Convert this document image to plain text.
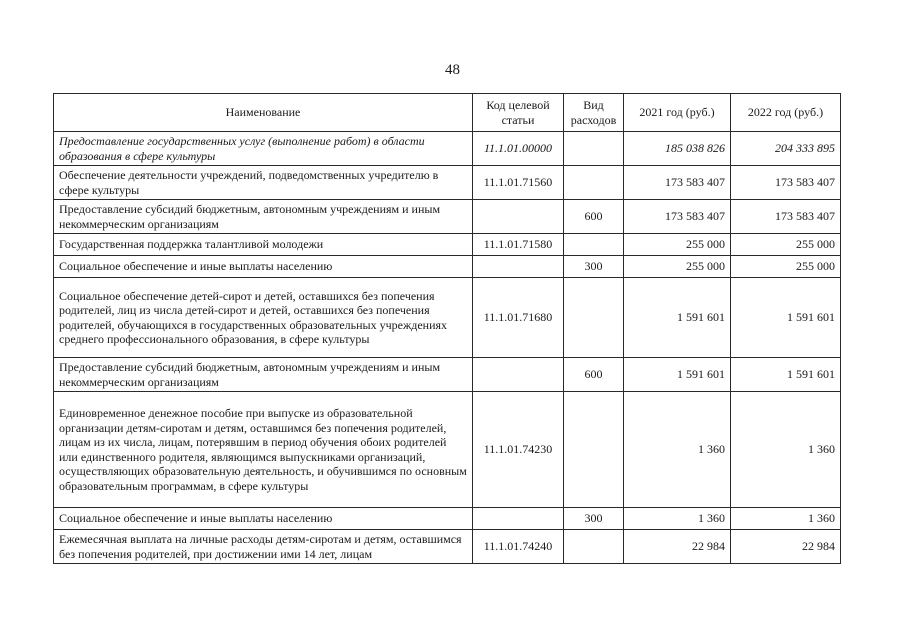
48
Наименование	Код целевой статьи	Вид расходов	2021 год (руб.)	2022 год (руб.)
Предоставление государственных услуг (выполнение работ) в области образования в сфере культуры	11.1.01.00000		185 038 826	204 333 895
Обеспечение деятельности учреждений, подведомственных учредителю в сфере культуры	11.1.01.71560		173 583 407	173 583 407
Предоставление субсидий бюджетным, автономным учреждениям и иным некоммерческим организациям		600	173 583 407	173 583 407
Государственная поддержка талантливой молодежи	11.1.01.71580		255 000	255 000
Социальное обеспечение и иные выплаты населению		300	255 000	255 000
Социальное обеспечение детей-сирот и детей, оставшихся без попечения родителей, лиц из числа детей-сирот и детей, оставшихся без попечения родителей, обучающихся в государственных образовательных учреждениях среднего профессионального образования, в сфере культуры	11.1.01.71680		1 591 601	1 591 601
Предоставление субсидий бюджетным, автономным учреждениям и иным некоммерческим организациям		600	1 591 601	1 591 601
Единовременное денежное пособие при выпуске из образовательной организации детям-сиротам и детям, оставшимся без попечения родителей, лицам из их числа, лицам, потерявшим в период обучения обоих родителей или единственного родителя, являющимся выпускниками организаций, осуществляющих образовательную деятельность, и обучившимся по основным образовательным программам, в сфере культуры	11.1.01.74230		1 360	1 360
Социальное обеспечение и иные выплаты населению		300	1 360	1 360
Ежемесячная выплата на личные расходы детям-сиротам и детям, оставшимся без попечения родителей, при достижении ими 14 лет, лицам	11.1.01.74240		22 984	22 984
